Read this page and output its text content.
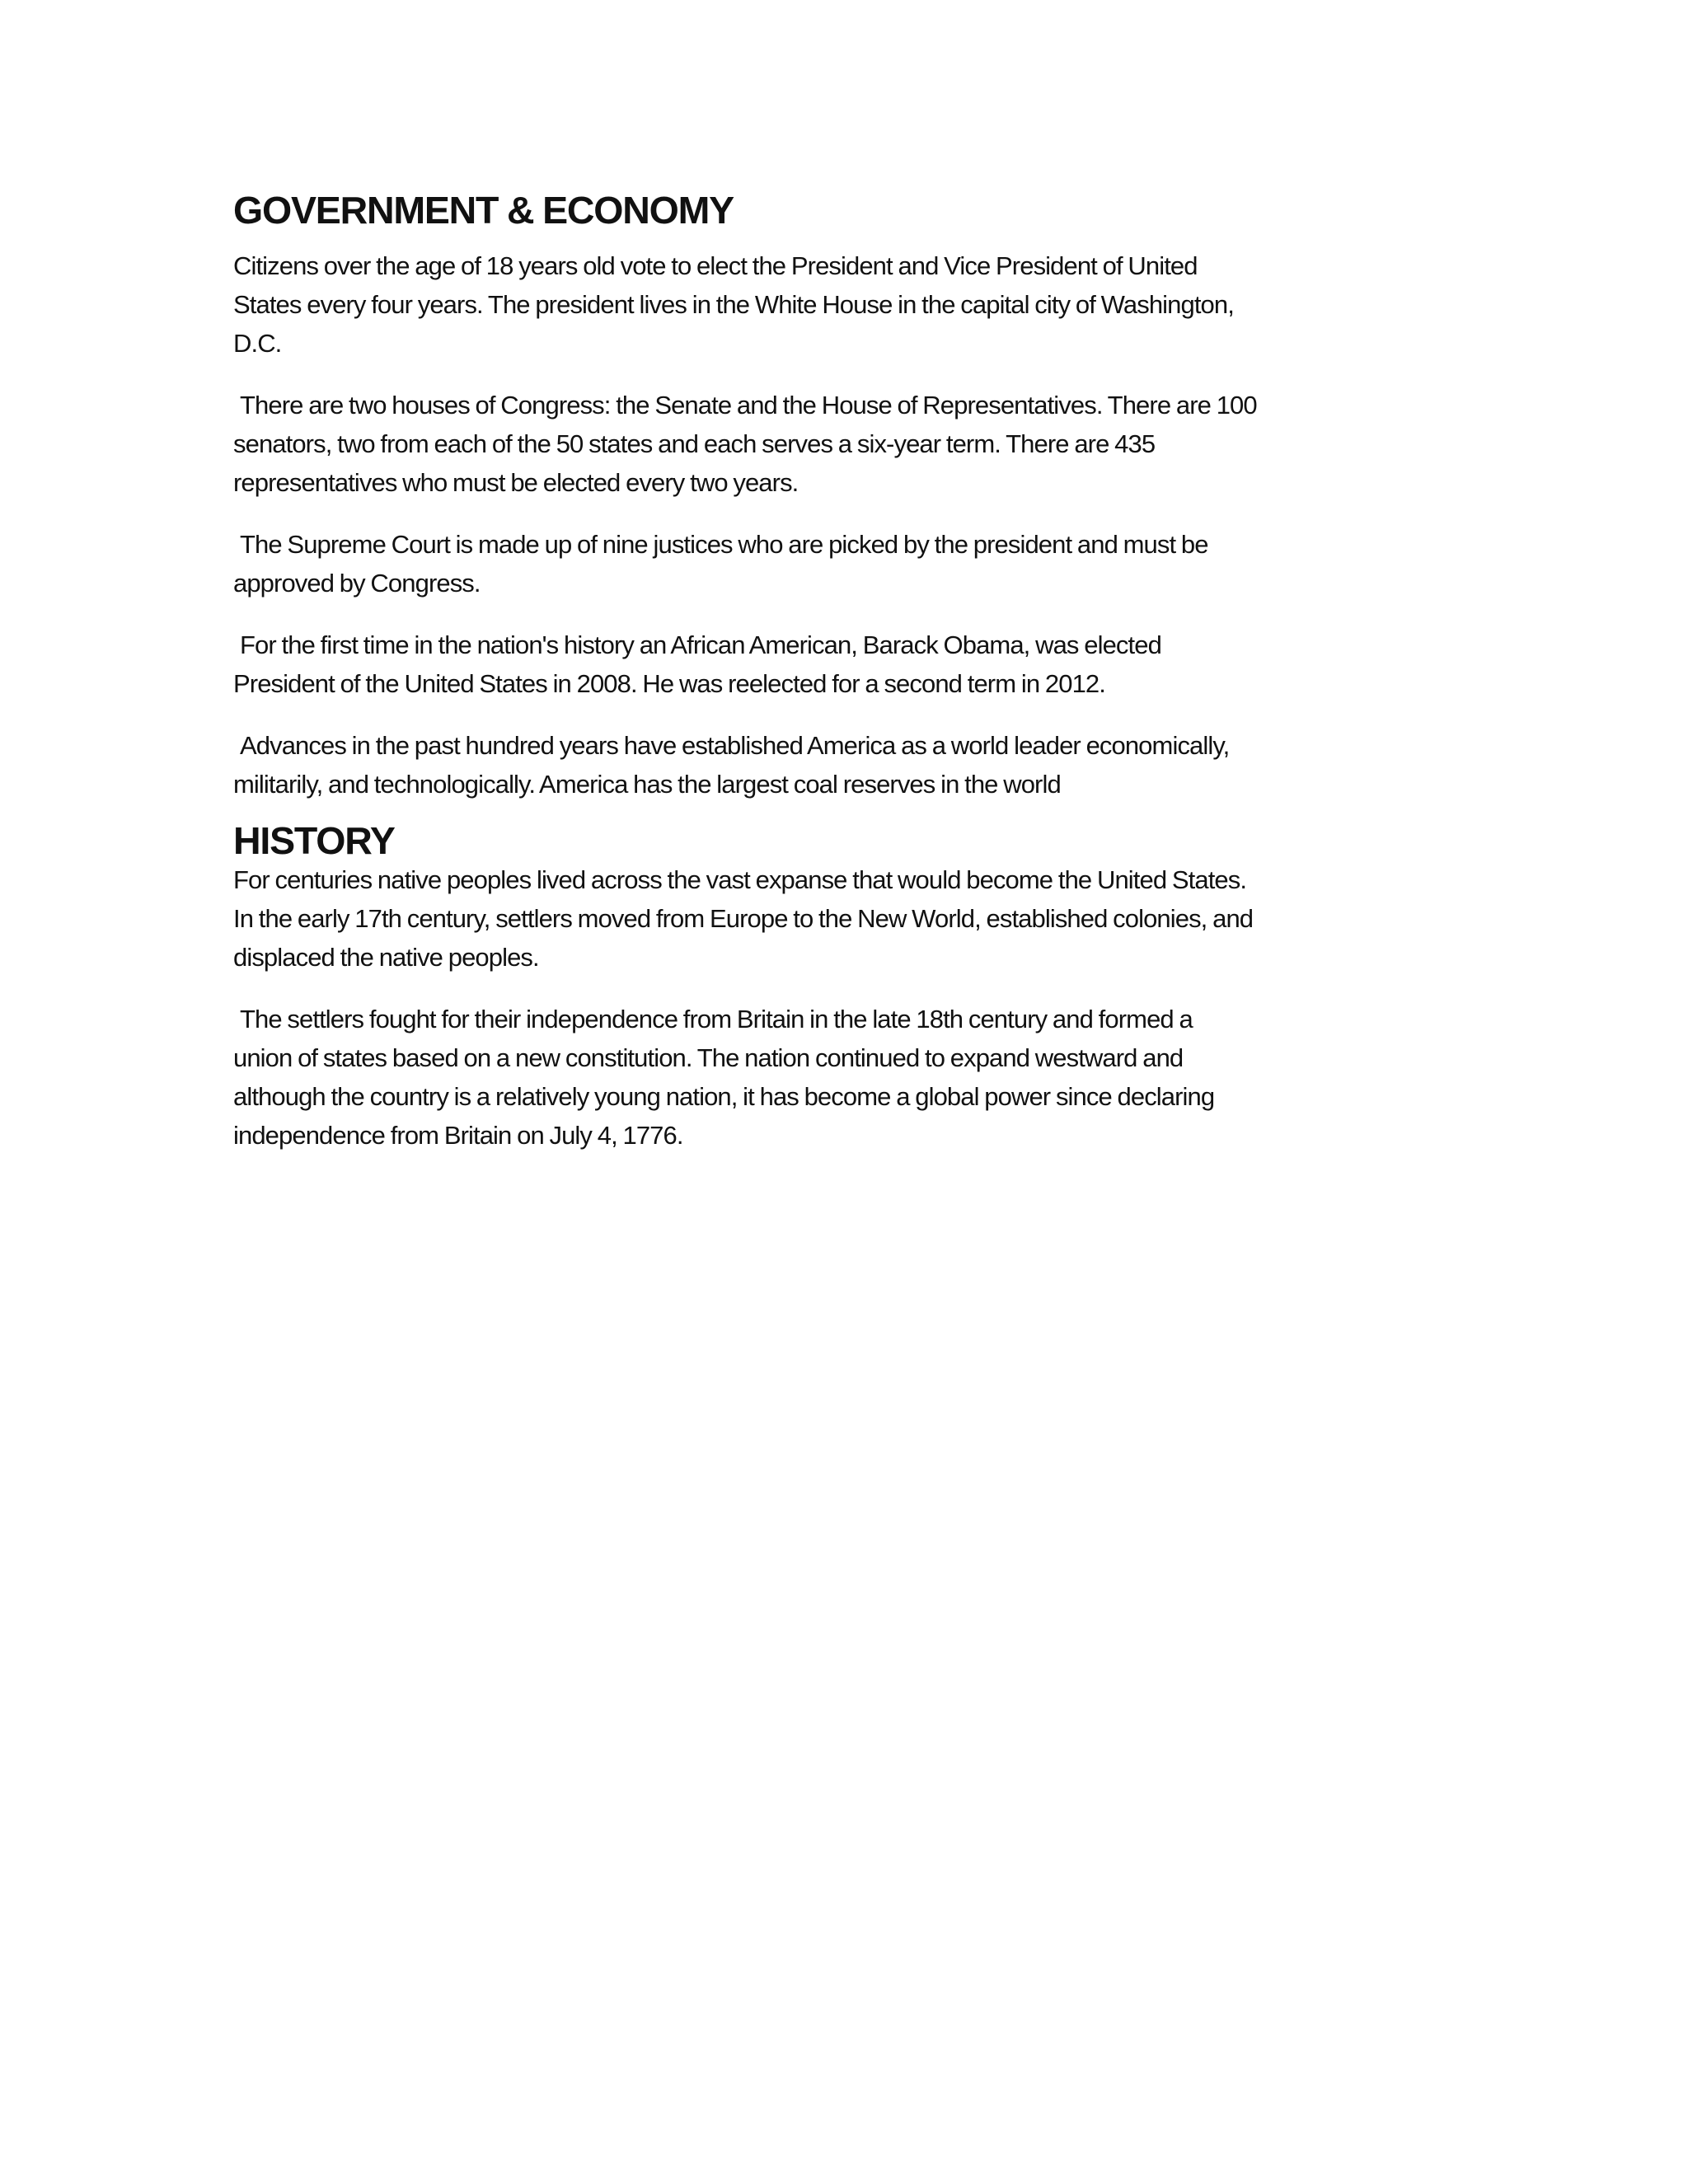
GOVERNMENT & ECONOMY

Citizens over the age of 18 years old vote to elect the President and Vice President of United
States every four years. The president lives in the White House in the capital city of Washington,
D.C.

There are two houses of Congress: the Senate and the House of Representatives. There are 100
senators, two from each of the 50 states and each serves a six-year term. There are 435
representatives who must be elected every two years.

The Supreme Court is made up of nine justices who are picked by the president and must be
approved by Congress.

For the first time in the nation's history an African American, Barack Obama, was elected
President of the United States in 2008. He was reelected for a second term in 2012.

Advances in the past hundred years have established America as a world leader economically,
militarily, and technologically. America has the largest coal reserves in the world

HISTORY

For centuries native peoples lived across the vast expanse that would become the United States.
In the early 17th century, settlers moved from Europe to the New World, established colonies, and
displaced the native peoples.

The settlers fought for their independence from Britain in the late 18th century and formed a
union of states based on a new constitution. The nation continued to expand westward and
although the country is a relatively young nation, it has become a global power since declaring
independence from Britain on July 4, 1776.
